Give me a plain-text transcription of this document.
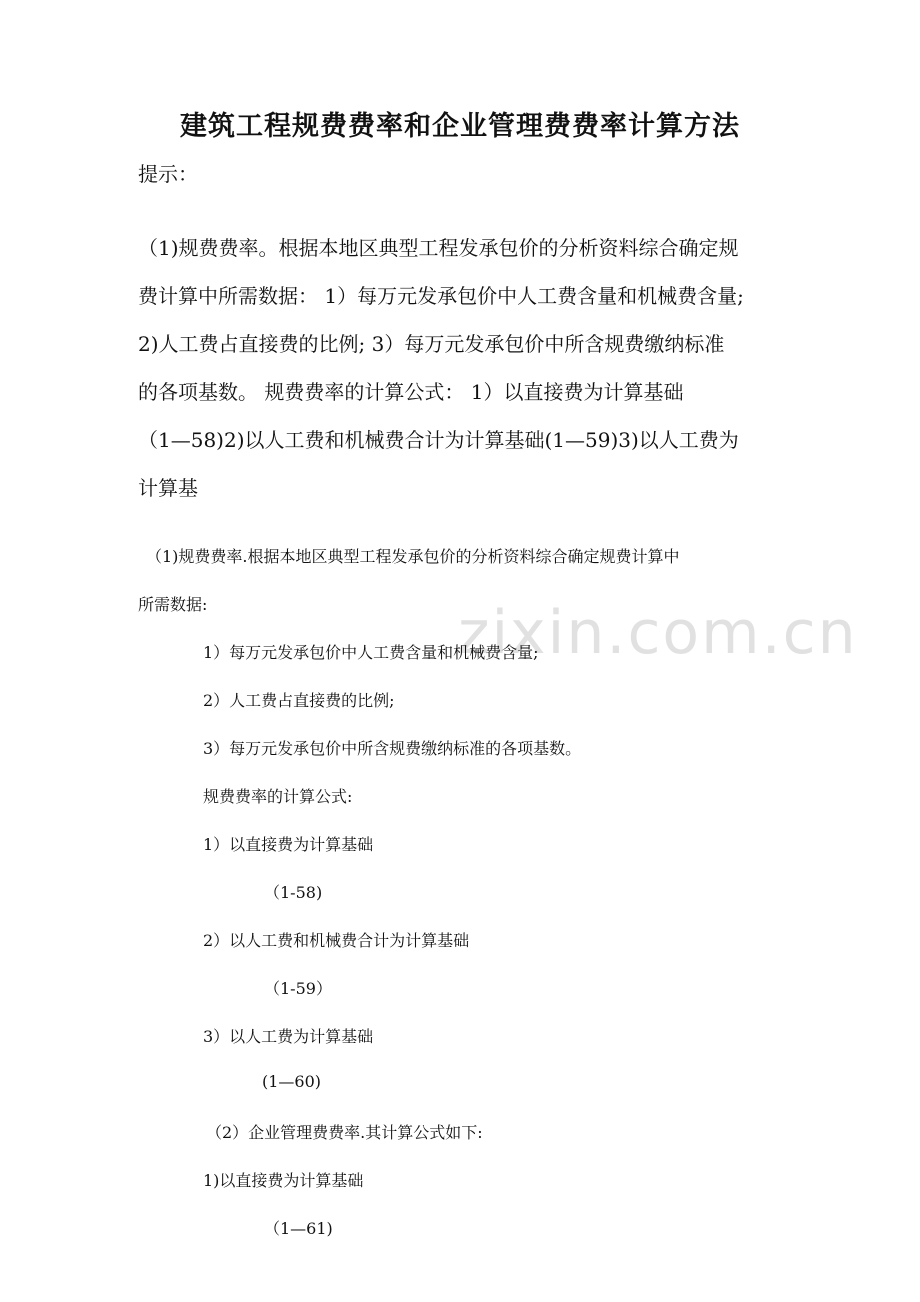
建筑工程规费费率和企业管理费费率计算方法
提示：
（1)规费费率。根据本地区典型工程发承包价的分析资料综合确定规
费计算中所需数据： 1）每万元发承包价中人工费含量和机械费含量;
2)人工费占直接费的比例; 3）每万元发承包价中所含规费缴纳标准
的各项基数。 规费费率的计算公式： 1）以直接费为计算基础
（1—58)2)以人工费和机械费合计为计算基础(1—59)3)以人工费为
计算基
zixin.com.cn
（1)规费费率.根据本地区典型工程发承包价的分析资料综合确定规费计算中
所需数据:
1）每万元发承包价中人工费含量和机械费含量;
2）人工费占直接费的比例;
3）每万元发承包价中所含规费缴纳标准的各项基数。
规费费率的计算公式:
1）以直接费为计算基础
（1-58)
2）以人工费和机械费合计为计算基础
（1-59）
3）以人工费为计算基础
(1—60)
（2）企业管理费费率.其计算公式如下:
1)以直接费为计算基础
（1—61)
